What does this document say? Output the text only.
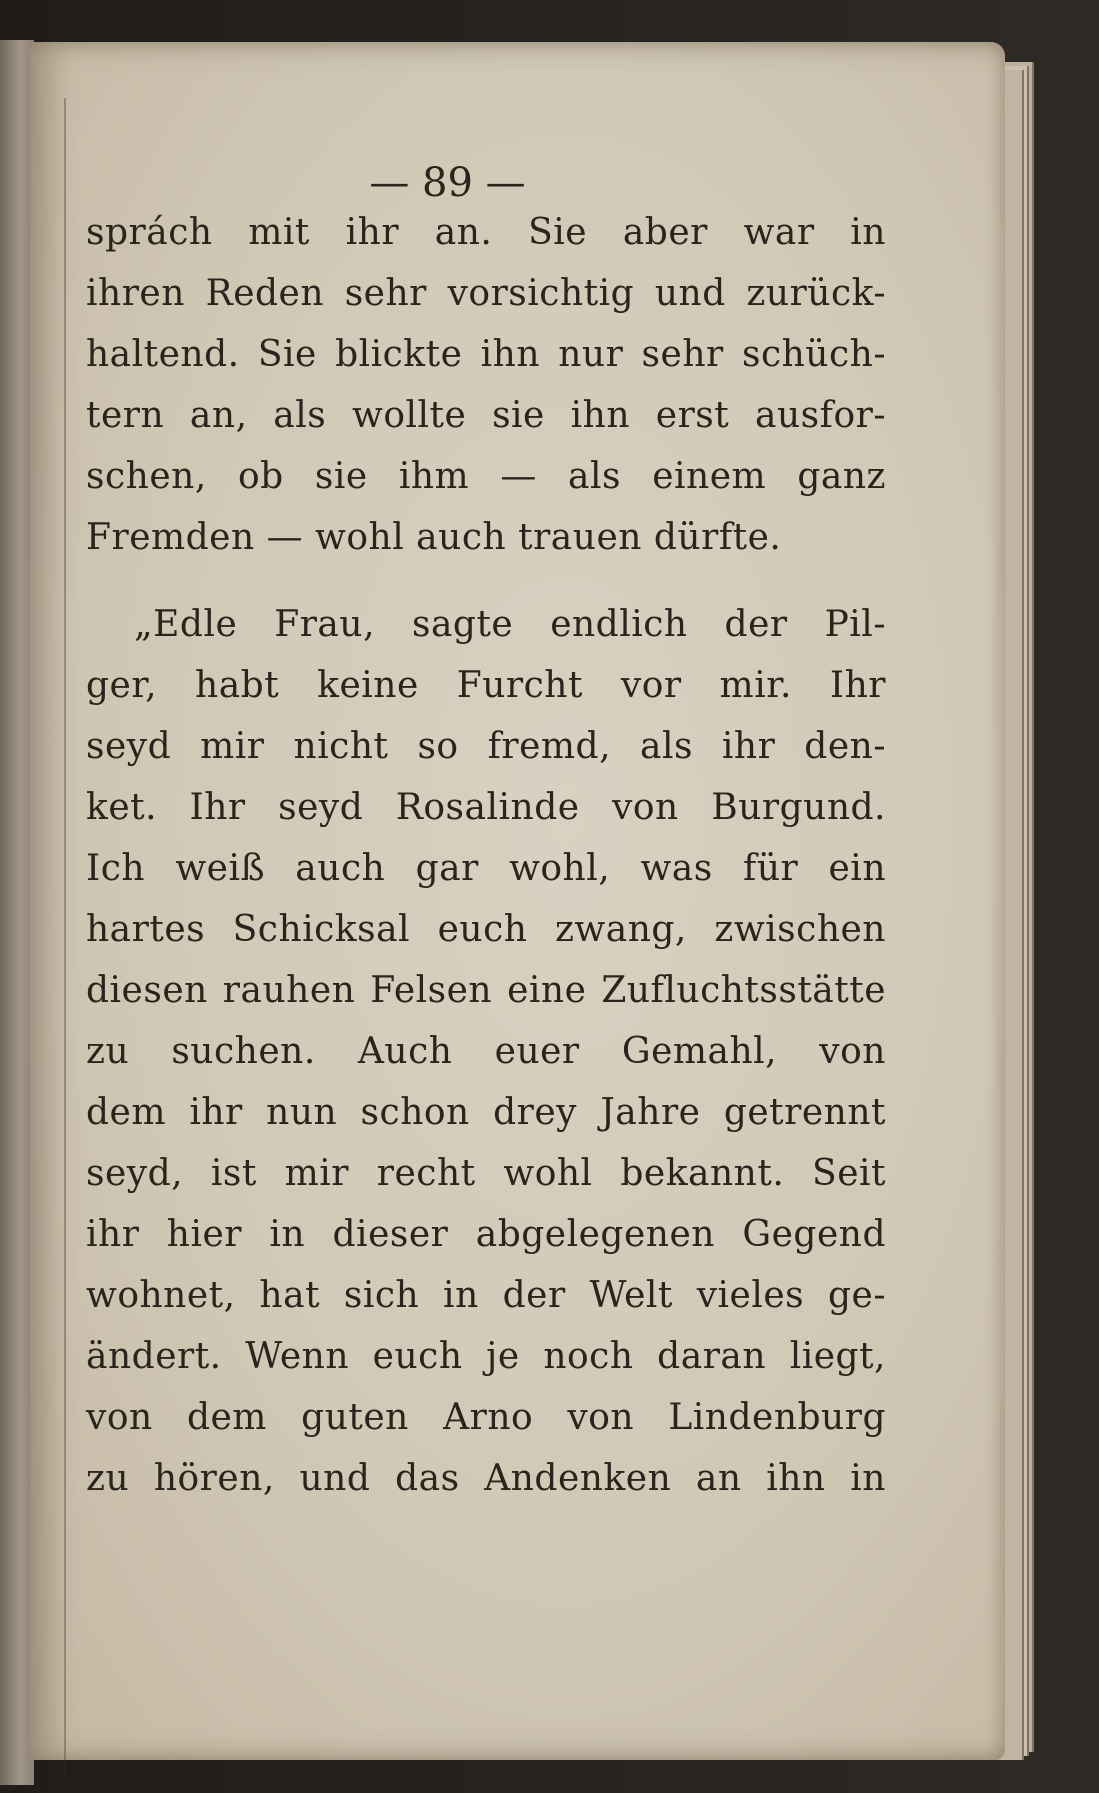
— 89 —
sprách mit ihr an. Sie aber war in
ihren Reden sehr vorsichtig und zurück-
haltend. Sie blickte ihn nur sehr schüch-
tern an, als wollte sie ihn erst ausfor-
schen, ob sie ihm — als einem ganz
Fremden — wohl auch trauen dürfte.
„Edle Frau, sagte endlich der Pil-
ger, habt keine Furcht vor mir. Ihr
seyd mir nicht so fremd, als ihr den-
ket. Ihr seyd Rosalinde von Burgund.
Ich weiß auch gar wohl, was für ein
hartes Schicksal euch zwang, zwischen
diesen rauhen Felsen eine Zufluchtsstätte
zu suchen. Auch euer Gemahl, von
dem ihr nun schon drey Jahre getrennt
seyd, ist mir recht wohl bekannt. Seit
ihr hier in dieser abgelegenen Gegend
wohnet, hat sich in der Welt vieles ge-
ändert. Wenn euch je noch daran liegt,
von dem guten Arno von Lindenburg
zu hören, und das Andenken an ihn in
